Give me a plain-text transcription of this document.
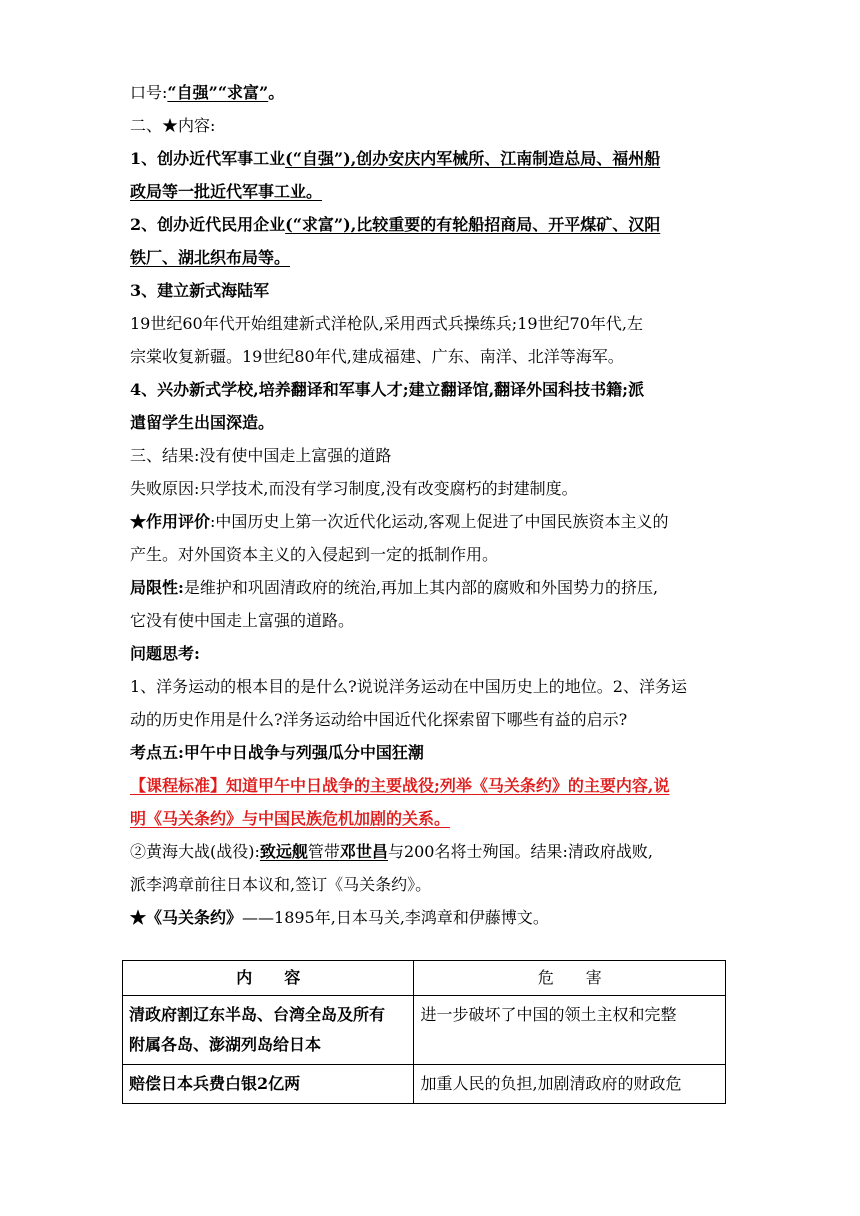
口号:“自强”“求富”。

二、★内容:

1、创办近代军事工业(“自强”),创办安庆内军械所、江南制造总局、福州船

政局等一批近代军事工业。

2、创办近代民用企业(“求富”),比较重要的有轮船招商局、开平煤矿、汉阳

铁厂、湖北织布局等。

3、建立新式海陆军

19世纪60年代开始组建新式洋枪队,采用西式兵操练兵;19世纪70年代,左

宗棠收复新疆。19世纪80年代,建成福建、广东、南洋、北洋等海军。

4、兴办新式学校,培养翻译和军事人才;建立翻译馆,翻译外国科技书籍;派

遣留学生出国深造。

三、结果:没有使中国走上富强的道路

失败原因:只学技术,而没有学习制度,没有改变腐朽的封建制度。

★作用评价:中国历史上第一次近代化运动,客观上促进了中国民族资本主义的

产生。对外国资本主义的入侵起到一定的抵制作用。

局限性:是维护和巩固清政府的统治,再加上其内部的腐败和外国势力的挤压,

它没有使中国走上富强的道路。

问题思考:

1、洋务运动的根本目的是什么?说说洋务运动在中国历史上的地位。2、洋务运

动的历史作用是什么?洋务运动给中国近代化探索留下哪些有益的启示?

考点五:甲午中日战争与列强瓜分中国狂潮

【课程标准】知道甲午中日战争的主要战役;列举《马关条约》的主要内容,说

明《马关条约》与中国民族危机加剧的关系。

②黄海大战(战役):致远舰管带邓世昌与200名将士殉国。结果:清政府战败,

派李鸿章前往日本议和,签订《马关条约》。

★《马关条约》——1895年,日本马关,李鸿章和伊藤博文。

内　　容	危　　害

清政府割辽东半岛、台湾全岛及所有
附属各岛、澎湖列岛给日本	进一步破坏了中国的领土主权和完整
赔偿日本兵费白银2亿两	加重人民的负担,加剧清政府的财政危
